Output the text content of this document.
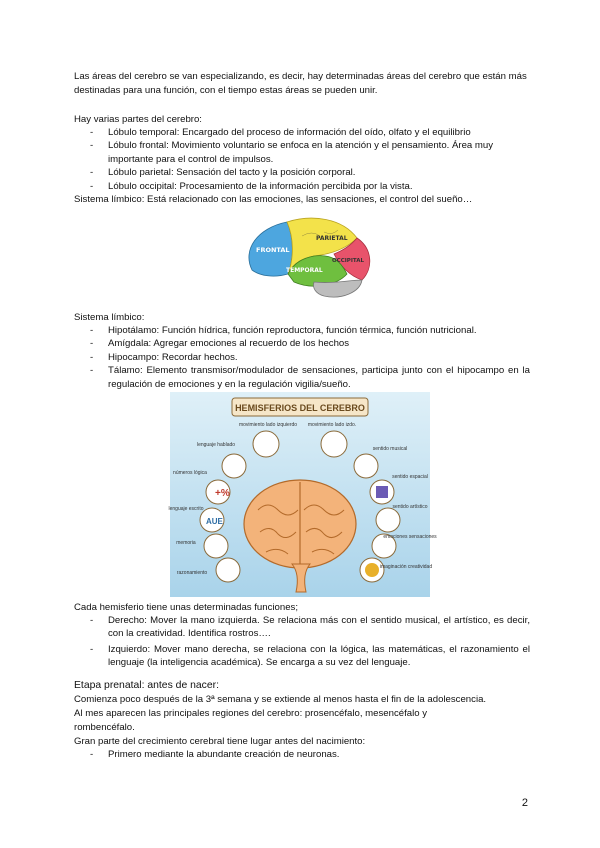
Las áreas del cerebro se van especializando, es decir, hay determinadas áreas del cerebro que están más destinadas para una función, con el tiempo estas áreas se pueden unir.

Hay varias partes del cerebro:

- Lóbulo temporal: Encargado del proceso de información del oído, olfato y el equilibrio
- Lóbulo frontal: Movimiento voluntario se enfoca en la atención y el pensamiento. Área muy importante para el control de impulsos.
- Lóbulo parietal: Sensación del tacto y la posición corporal.
- Lóbulo occipital: Procesamiento de la información percibida por la vista.

Sistema límbico: Está relacionado con las emociones, las sensaciones, el control del sueño…

FRONTAL
PARIETAL
TEMPORAL
OCCIPITAL

Sistema límbico:

- Hipotálamo: Función hídrica, función reproductora, función térmica, función nutricional.
- Amígdala: Agregar emociones al recuerdo de los hechos
- Hipocampo: Recordar hechos.
- Tálamo: Elemento transmisor/modulador de sensaciones, participa junto con el hipocampo en la regulación de emociones y en la regulación vigilia/sueño.
HEMISFERIOS DEL CEREBRO
+%
AUE
movimiento lado izquierdo
lenguaje hablado
números lógica
lenguaje escrito
memoria
razonamiento
movimiento lado izdo.
sentido musical
sentido espacial
sentido artístico
emociones sensaciones
imaginación creatividad

Cada hemisferio tiene unas determinadas funciones;

- Derecho: Mover la mano izquierda. Se relaciona más con el sentido musical, el artístico, es decir, con la creatividad. Identifica rostros….
- Izquierdo: Mover mano derecha, se relaciona con la lógica, las matemáticas, el razonamiento el lenguaje (la inteligencia académica). Se encarga a su vez del lenguaje.

Etapa prenatal: antes de nacer:

Comienza poco después de la 3ª semana y se extiende al menos hasta el fin de la adolescencia.

Al mes aparecen las principales regiones del cerebro: prosencéfalo, mesencéfalo y rombencéfalo.

Gran parte del crecimiento cerebral tiene lugar antes del nacimiento:

- Primero mediante la abundante creación de neuronas.
2
